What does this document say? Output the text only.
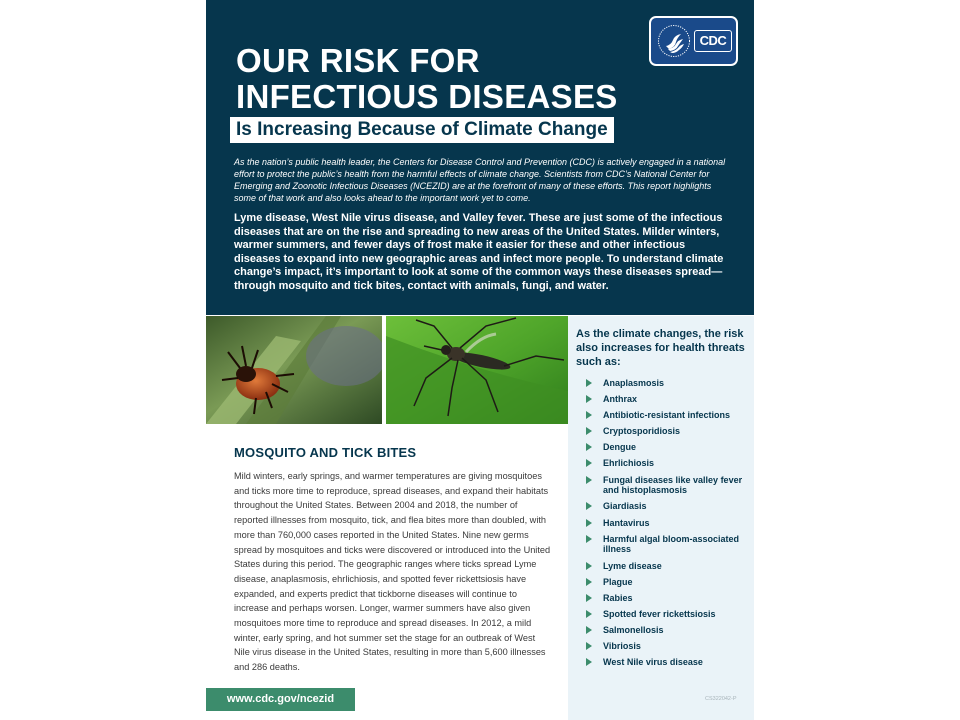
CDC
OUR RISK FOR
INFECTIOUS DISEASES
Is Increasing Because of Climate Change
As the nation’s public health leader, the Centers for Disease Control and Prevention (CDC) is actively engaged in a national effort to protect the public’s health from the harmful effects of climate change. Scientists from CDC’s National Center for Emerging and Zoonotic Infectious Diseases (NCEZID) are at the forefront of many of these efforts. This report highlights some of that work and also looks ahead to the important work yet to come.
Lyme disease, West Nile virus disease, and Valley fever. These are just some of the infectious diseases that are on the rise and spreading to new areas of the United States. Milder winters, warmer summers, and fewer days of frost make it easier for these and other infectious diseases to expand into new geographic areas and infect more people. To understand climate change’s impact, it’s important to look at some of the common ways these diseases spread—through mosquito and tick bites, contact with animals, fungi, and water.
MOSQUITO AND TICK BITES
Mild winters, early springs, and warmer temperatures are giving mosquitoes and ticks more time to reproduce, spread diseases, and expand their habitats throughout the United States. Between 2004 and 2018, the number of reported illnesses from mosquito, tick, and flea bites more than doubled, with more than 760,000 cases reported in the United States. Nine new germs spread by mosquitoes and ticks were discovered or introduced into the United States during this period. The geographic ranges where ticks spread Lyme disease, anaplasmosis, ehrlichiosis, and spotted fever rickettsiosis have expanded, and experts predict that tickborne diseases will continue to increase and perhaps worsen. Longer, warmer summers have also given mosquitoes more time to reproduce and spread diseases. In 2012, a mild winter, early spring, and hot summer set the stage for an outbreak of West Nile virus disease in the United States, resulting in more than 5,600 illnesses and 286 deaths.
www.cdc.gov/ncezid
As the climate changes, the risk also increases for health threats such as:
Anaplasmosis
Anthrax
Antibiotic-resistant infections
Cryptosporidiosis
Dengue
Ehrlichiosis
Fungal diseases like valley fever and histoplasmosis
Giardiasis
Hantavirus
Harmful algal bloom-associated illness
Lyme disease
Plague
Rabies
Spotted fever rickettsiosis
Salmonellosis
Vibriosis
West Nile virus disease
CS322042-P
